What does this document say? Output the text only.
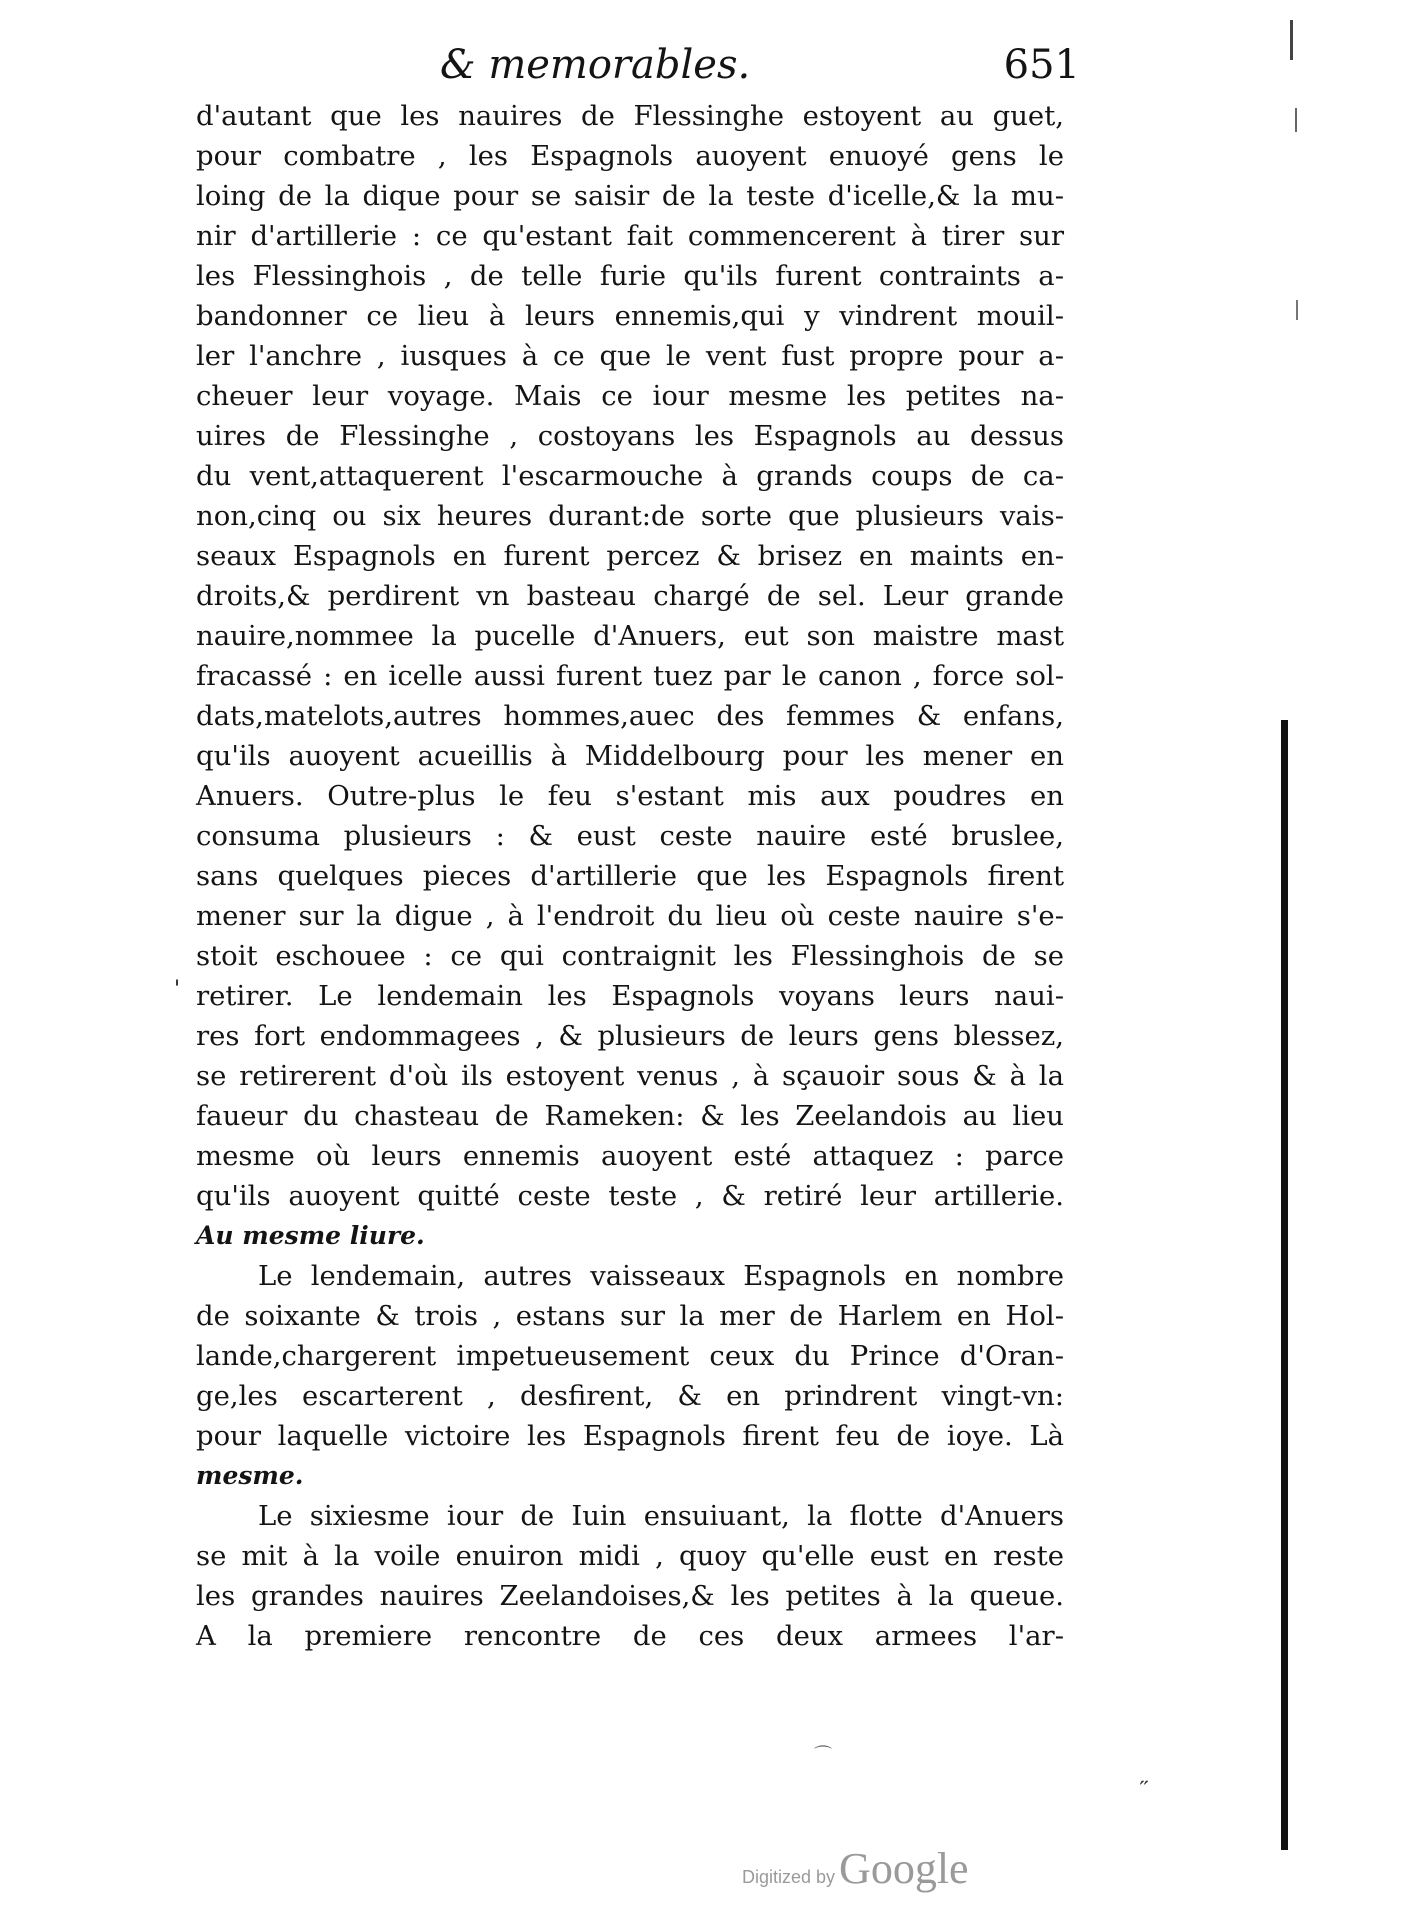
& memorables.	651
d'autant que les nauires de Flessinghe estoyent au guet,
pour combatre , les Espagnols auoyent enuoyé gens le
loing de la dique pour se saisir de la teste d'icelle,& la mu-
nir d'artillerie : ce qu'estant fait commencerent à tirer sur
les Flessinghois , de telle furie qu'ils furent contraints a-
bandonner ce lieu à leurs ennemis,qui y vindrent mouil-
ler l'anchre , iusques à ce que le vent fust propre pour a-
cheuer leur voyage. Mais ce iour mesme les petites na-
uires de Flessinghe , costoyans les Espagnols au dessus
du vent,attaquerent l'escarmouche à grands coups de ca-
non,cinq ou six heures durant:de sorte que plusieurs vais-
seaux Espagnols en furent percez & brisez en maints en-
droits,& perdirent vn basteau chargé de sel. Leur grande
nauire,nommee la pucelle d'Anuers, eut son maistre mast
fracassé : en icelle aussi furent tuez par le canon , force sol-
dats,matelots,autres hommes,auec des femmes & enfans,
qu'ils auoyent acueillis à Middelbourg pour les mener en
Anuers. Outre-plus le feu s'estant mis aux poudres en
consuma plusieurs : & eust ceste nauire esté bruslee,
sans quelques pieces d'artillerie que les Espagnols firent
mener sur la digue , à l'endroit du lieu où ceste nauire s'e-
stoit eschouee : ce qui contraignit les Flessinghois de se
' retirer. Le lendemain les Espagnols voyans leurs naui-
res fort endommagees , & plusieurs de leurs gens blessez,
se retirerent d'où ils estoyent venus , à sçauoir sous & à la
faueur du chasteau de Rameken: & les Zeelandois au lieu
mesme où leurs ennemis auoyent esté attaquez : parce
qu'ils auoyent quitté ceste teste , & retiré leur artillerie.
Au mesme liure.
Le lendemain, autres vaisseaux Espagnols en nombre
de soixante & trois , estans sur la mer de Harlem en Hol-
lande,chargerent impetueusement ceux du Prince d'Oran-
ge,les escarterent , desfirent, & en prindrent vingt-vn:
pour laquelle victoire les Espagnols firent feu de ioye. Là
mesme.
Le sixiesme iour de Iuin ensuiuant, la flotte d'Anuers
se mit à la voile enuiron midi , quoy qu'elle eust en reste
les grandes nauires Zeelandoises,& les petites à la queue.
A la premiere rencontre de ces deux armees l'ar-
⌒
˶
Digitized byGoogle
